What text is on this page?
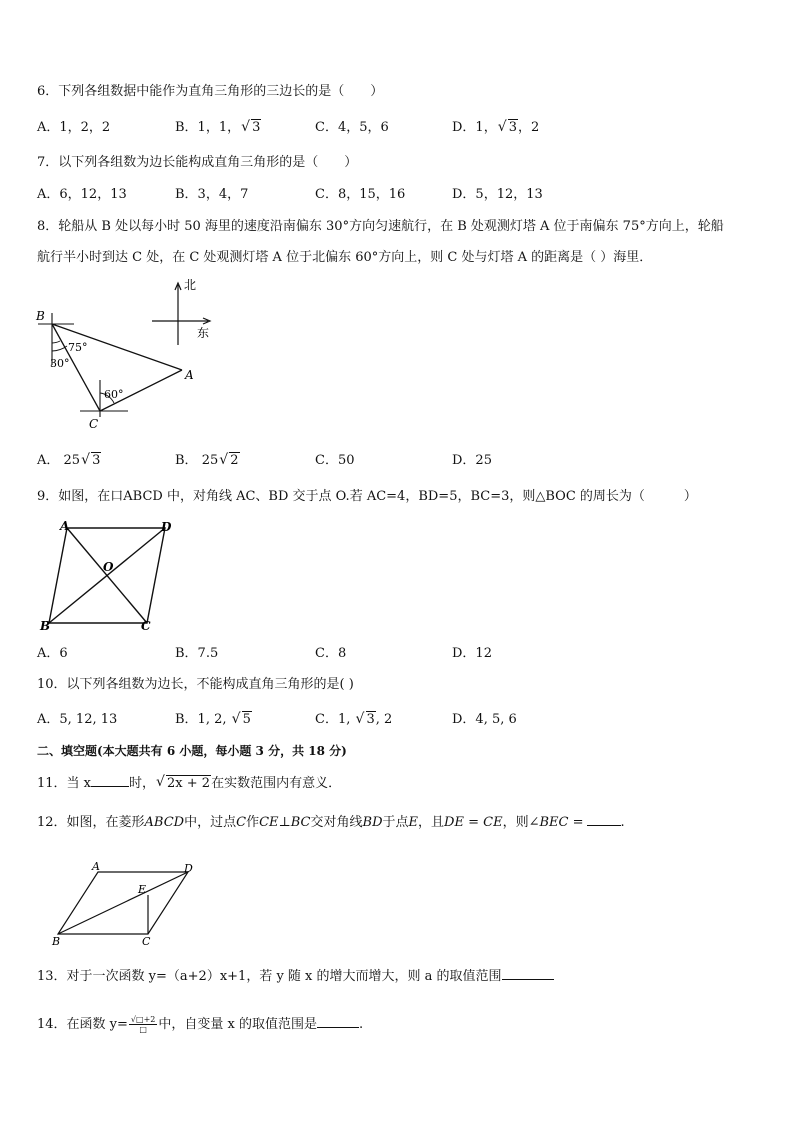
6．下列各组数据中能作为直角三角形的三边长的是（　　）
A．1，2，2	B．1，1， √ 3	C．4，5，6	D．1， √ 3，2
7．以下列各组数为边长能构成直角三角形的是（　　）
A．6，12，13	B．3，4，7	C．8，15，16	D．5，12，13
8．轮船从 B 处以每小时 50 海里的速度沿南偏东 30°方向匀速航行，在 B 处观测灯塔 A 位于南偏东 75°方向上，轮船
航行半小时到达 C 处，在 C 处观测灯塔 A 位于北偏东 60°方向上，则 C 处与灯塔 A 的距离是（ ）海里．
北
东
B
A
C
75°
30°
60°
A． 25 √ 3	B． 25 √ 2	C．50	D．25
9．如图，在口ABCD 中，对角线 AC、BD 交于点 O.若 AC=4，BD=5，BC=3，则△BOC 的周长为（　　　）
A	D
O
B	C
A．6	B．7.5	C．8	D．12
10．以下列各组数为边长，不能构成直角三角形的是( )
A．5, 12, 13	B．1, 2, √ 5	C．1, √ 3, 2	D．4, 5, 6
二、填空题(本大题共有 6 小题，每小题 3 分，共 18 分)
11．当 x	时， √ 2x + 2在实数范围内有意义．
12．如图，在菱形ABCD中，过点C作CE⊥BC交对角线BD于点E，且DE = CE，则∠BEC =	.
A	D
E
B	C
13．对于一次函数 y=（a+2）x+1，若 y 随 x 的增大而增大，则 a 的取值范围
14．在函数 $y= \frac{√□+2}{□}$ 中，自变量 x 的取值范围是	.
